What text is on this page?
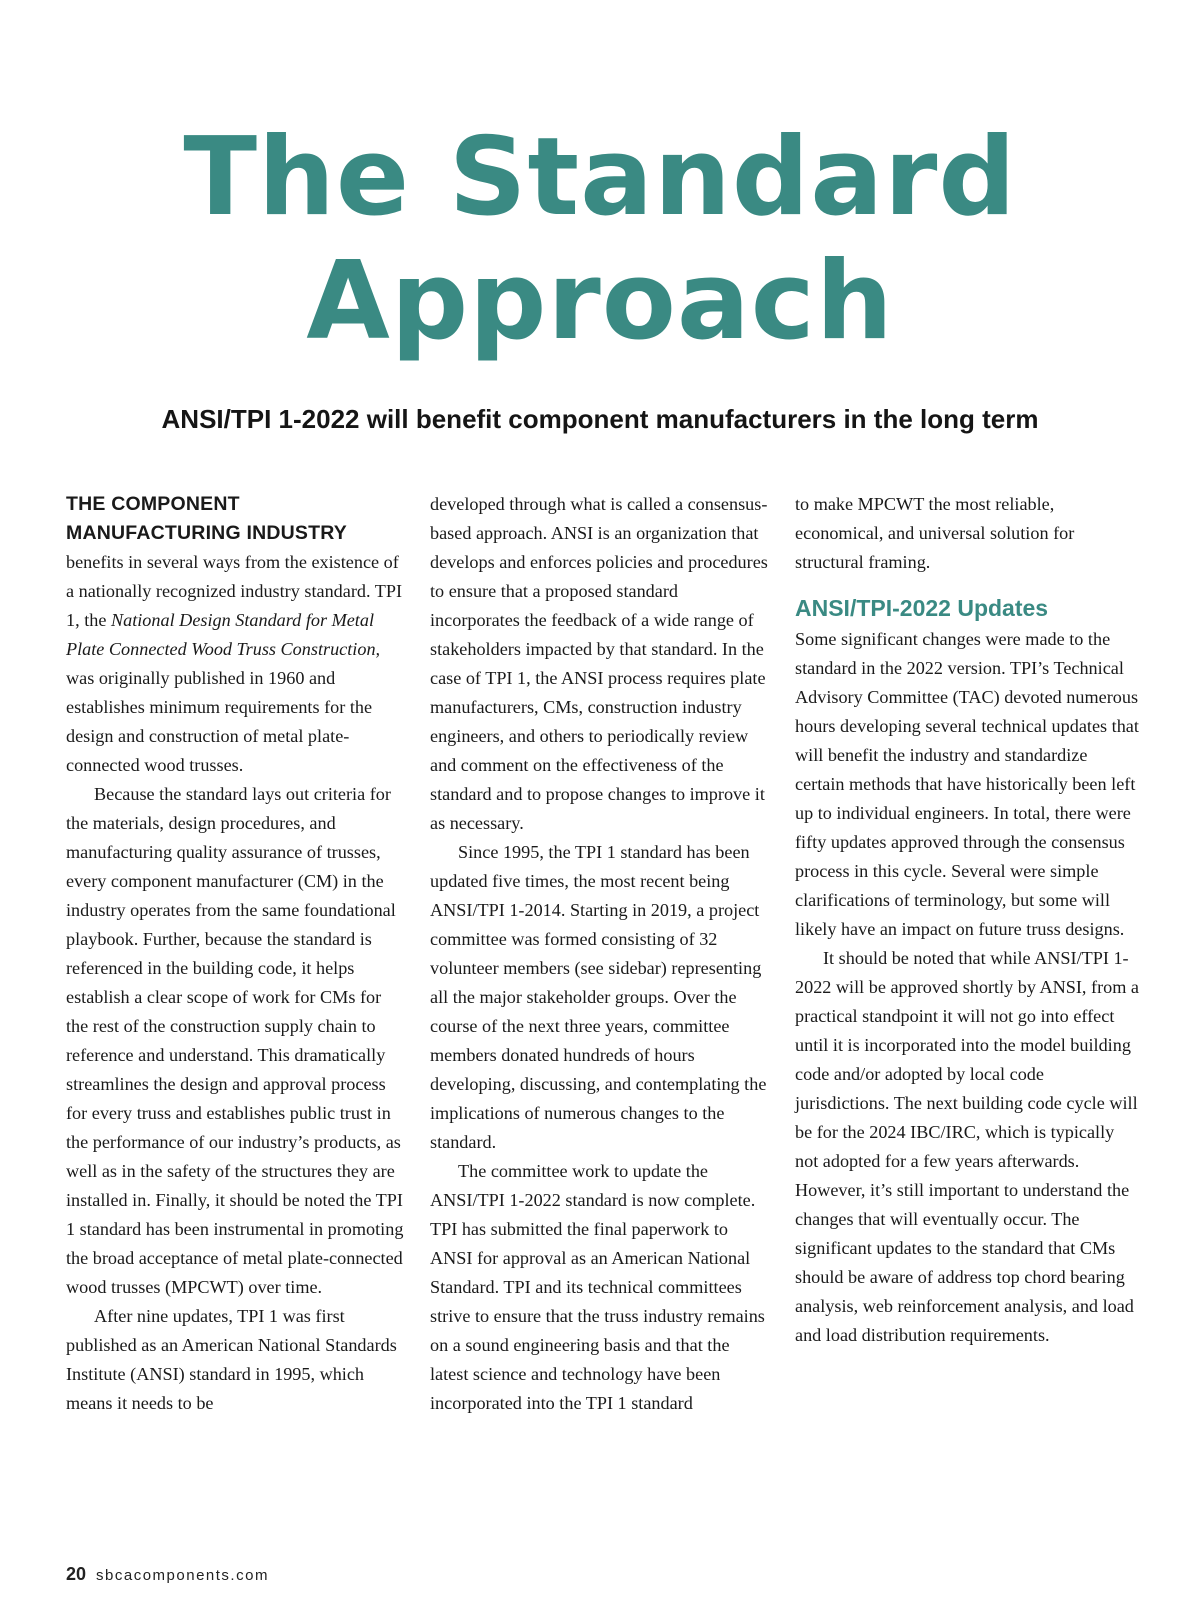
The Standard Approach
ANSI/TPI 1-2022 will benefit component manufacturers in the long term

THE COMPONENT MANUFACTURING INDUSTRY benefits in several ways from the existence of a nationally recognized industry standard. TPI 1, the National Design Standard for Metal Plate Connected Wood Truss Construction, was originally published in 1960 and establishes minimum requirements for the design and construction of metal plate-connected wood trusses.

Because the standard lays out criteria for the materials, design procedures, and manufacturing quality assurance of trusses, every component manufacturer (CM) in the industry operates from the same foundational playbook. Further, because the standard is referenced in the building code, it helps establish a clear scope of work for CMs for the rest of the construction supply chain to reference and understand. This dramatically streamlines the design and approval process for every truss and establishes public trust in the performance of our industry’s products, as well as in the safety of the structures they are installed in. Finally, it should be noted the TPI 1 standard has been instrumental in promoting the broad acceptance of metal plate-connected wood trusses (MPCWT) over time.

After nine updates, TPI 1 was first published as an American National Standards Institute (ANSI) standard in 1995, which means it needs to be

developed through what is called a consensus-based approach. ANSI is an organization that develops and enforces policies and procedures to ensure that a proposed standard incorporates the feedback of a wide range of stakeholders impacted by that standard. In the case of TPI 1, the ANSI process requires plate manufacturers, CMs, construction industry engineers, and others to periodically review and comment on the effectiveness of the standard and to propose changes to improve it as necessary.

Since 1995, the TPI 1 standard has been updated five times, the most recent being ANSI/TPI 1-2014. Starting in 2019, a project committee was formed consisting of 32 volunteer members (see sidebar) representing all the major stakeholder groups. Over the course of the next three years, committee members donated hundreds of hours developing, discussing, and contemplating the implications of numerous changes to the standard.

The committee work to update the ANSI/TPI 1-2022 standard is now complete. TPI has submitted the final paperwork to ANSI for approval as an American National Standard. TPI and its technical committees strive to ensure that the truss industry remains on a sound engineering basis and that the latest science and technology have been incorporated into the TPI 1 standard

to make MPCWT the most reliable, economical, and universal solution for structural framing.

ANSI/TPI-2022 Updates

Some significant changes were made to the standard in the 2022 version. TPI’s Technical Advisory Committee (TAC) devoted numerous hours developing several technical updates that will benefit the industry and standardize certain methods that have historically been left up to individual engineers. In total, there were fifty updates approved through the consensus process in this cycle. Several were simple clarifications of terminology, but some will likely have an impact on future truss designs.

It should be noted that while ANSI/TPI 1-2022 will be approved shortly by ANSI, from a practical standpoint it will not go into effect until it is incorporated into the model building code and/or adopted by local code jurisdictions. The next building code cycle will be for the 2024 IBC/IRC, which is typically not adopted for a few years afterwards. However, it’s still important to understand the changes that will eventually occur. The significant updates to the standard that CMs should be aware of address top chord bearing analysis, web reinforcement analysis, and load and load distribution requirements.

20 sbcacomponents.com
